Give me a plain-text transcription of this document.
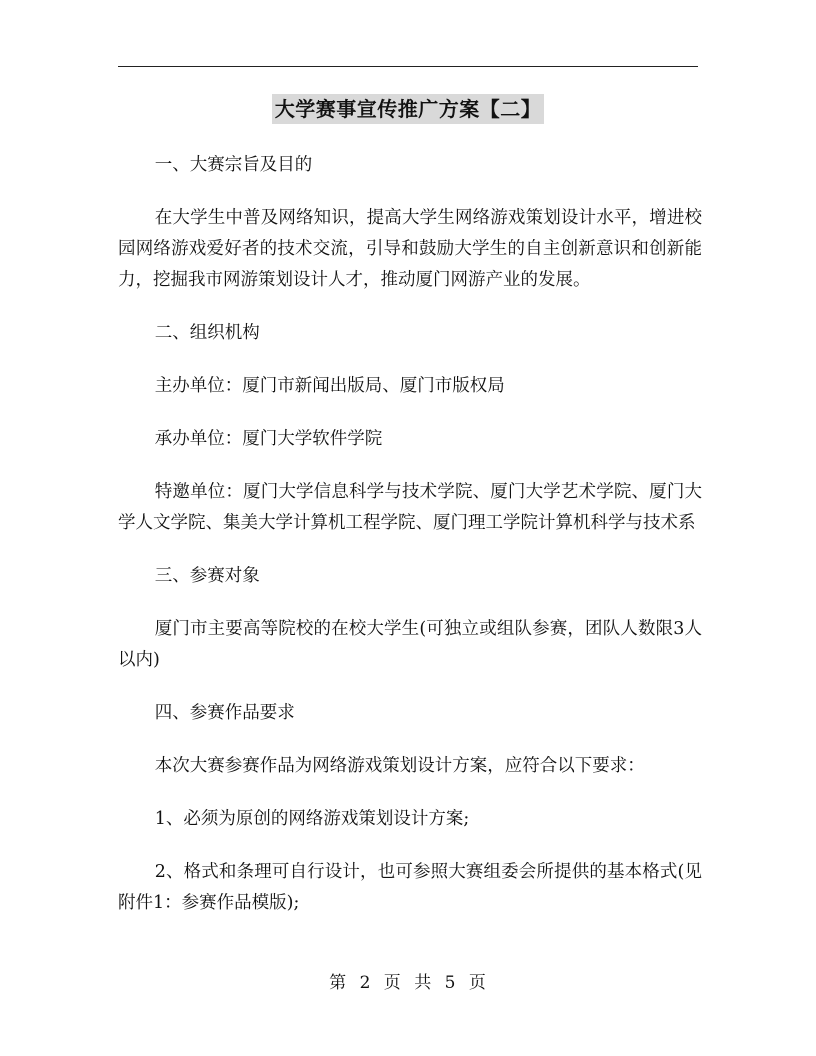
大学赛事宣传推广方案【二】

一、大赛宗旨及目的

在大学生中普及网络知识，提高大学生网络游戏策划设计水平，增进校园网络游戏爱好者的技术交流，引导和鼓励大学生的自主创新意识和创新能力，挖掘我市网游策划设计人才，推动厦门网游产业的发展。

二、组织机构

主办单位：厦门市新闻出版局、厦门市版权局

承办单位：厦门大学软件学院

特邀单位：厦门大学信息科学与技术学院、厦门大学艺术学院、厦门大学人文学院、集美大学计算机工程学院、厦门理工学院计算机科学与技术系

三、参赛对象

厦门市主要高等院校的在校大学生(可独立或组队参赛，团队人数限3人以内)

四、参赛作品要求

本次大赛参赛作品为网络游戏策划设计方案，应符合以下要求：

1、必须为原创的网络游戏策划设计方案;

2、格式和条理可自行设计，也可参照大赛组委会所提供的基本格式(见附件1：参赛作品模版);

第 2 页 共 5 页
